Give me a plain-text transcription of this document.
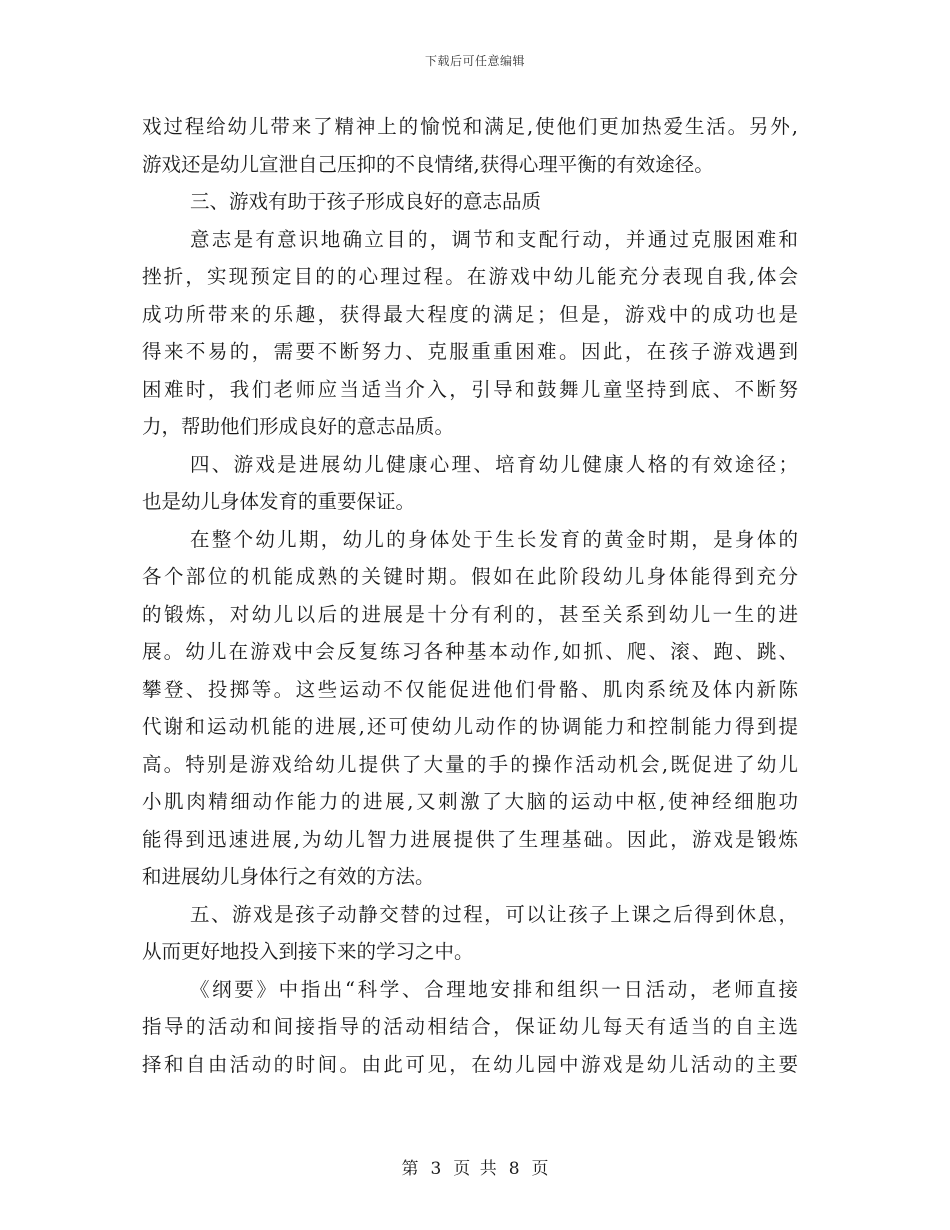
下载后可任意编辑
戏过程给幼儿带来了精神上的愉悦和满足,使他们更加热爱生活。另外,
游戏还是幼儿宣泄自己压抑的不良情绪,获得心理平衡的有效途径。
三、游戏有助于孩子形成良好的意志品质
意志是有意识地确立目的，调节和支配行动，并通过克服困难和
挫折，实现预定目的的心理过程。在游戏中幼儿能充分表现自我,体会
成功所带来的乐趣，获得最大程度的满足；但是，游戏中的成功也是
得来不易的，需要不断努力、克服重重困难。因此，在孩子游戏遇到
困难时，我们老师应当适当介入，引导和鼓舞儿童坚持到底、不断努
力，帮助他们形成良好的意志品质。
四、游戏是进展幼儿健康心理、培育幼儿健康人格的有效途径；
也是幼儿身体发育的重要保证。
在整个幼儿期，幼儿的身体处于生长发育的黄金时期，是身体的
各个部位的机能成熟的关键时期。假如在此阶段幼儿身体能得到充分
的锻炼，对幼儿以后的进展是十分有利的，甚至关系到幼儿一生的进
展。幼儿在游戏中会反复练习各种基本动作,如抓、爬、滚、跑、跳、
攀登、投掷等。这些运动不仅能促进他们骨骼、肌肉系统及体内新陈
代谢和运动机能的进展,还可使幼儿动作的协调能力和控制能力得到提
高。特别是游戏给幼儿提供了大量的手的操作活动机会,既促进了幼儿
小肌肉精细动作能力的进展,又刺激了大脑的运动中枢,使神经细胞功
能得到迅速进展,为幼儿智力进展提供了生理基础。因此，游戏是锻炼
和进展幼儿身体行之有效的方法。
五、游戏是孩子动静交替的过程，可以让孩子上课之后得到休息，
从而更好地投入到接下来的学习之中。
《纲要》中指出“科学、合理地安排和组织一日活动，老师直接
指导的活动和间接指导的活动相结合，保证幼儿每天有适当的自主选
择和自由活动的时间。由此可见，在幼儿园中游戏是幼儿活动的主要
第 3 页 共 8 页
